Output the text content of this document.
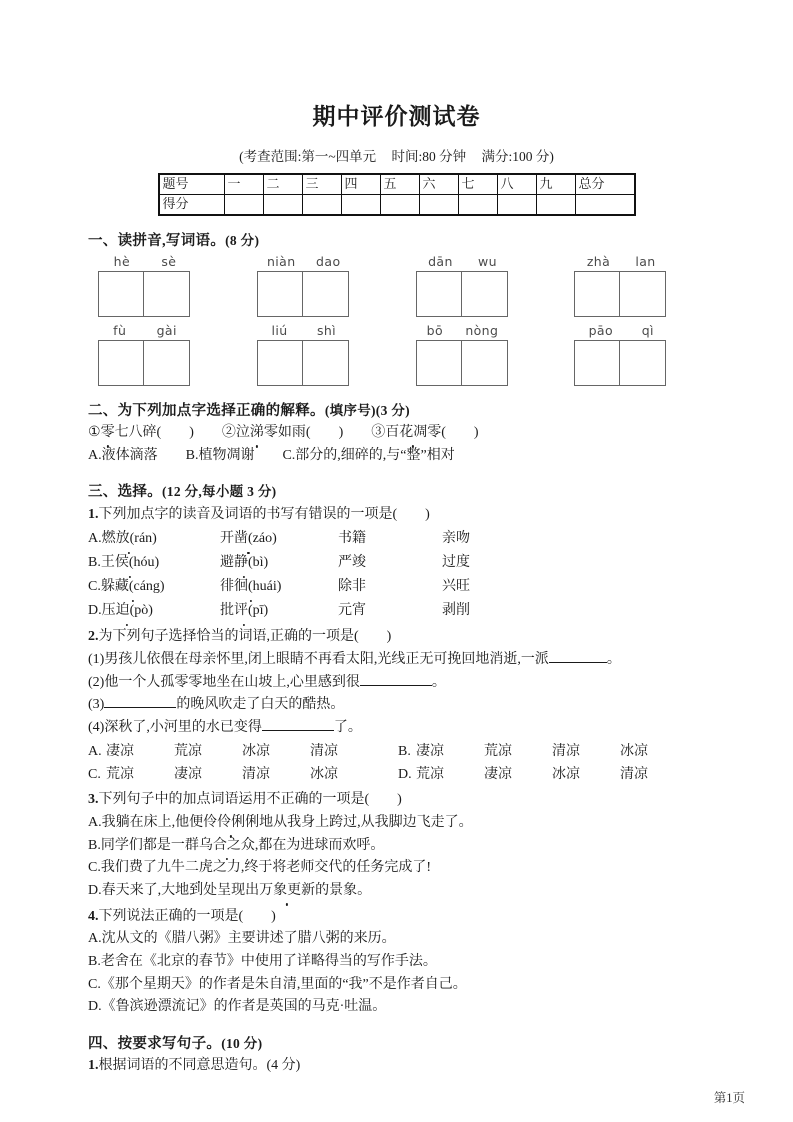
期中评价测试卷
(考查范围:第一~四单元 时间:80 分钟 满分:100 分)
题号	一	二	三	四	五	六	七	八	九	总分
得分										
一、读拼音,写词语。(8 分)
hè	sè	niàn dao	dān wu	zhà lan
fù gài	liú shì	bō nòng	pāo qì
二、为下列加点字选择正确的解释。(填序号)(3 分)
①零七八碎(　　 )　　 ②泣涕零如雨(　　 )　　 ③百花凋零(　　 )
A.液体滴落　　B.植物凋谢　　C.部分的,细碎的,与“整”相对
三、选择。(12 分,每小题 3 分)
1.下列加点字的读音及词语的书写有错误的一项是(　　)
A.燃放(rán)	开凿(záo)	书籍	亲吻
B.王侯(hóu)	避静(bì)	严竣	过度
C.躲藏(cáng)	徘徊(huái)	除非	兴旺
D.压迫(pò)	批评(pī)	元宵	剥削
2.为下列句子选择恰当的词语,正确的一项是(　　)
(1)男孩儿依偎在母亲怀里,闭上眼睛不再看太阳,光线正无可挽回地消逝,一派	。
(2)他一个人孤零零地坐在山坡上,心里感到很	。
(3)	的晚风吹走了白天的酷热。
(4)深秋了,小河里的水已变得	了。
A. 凄凉	荒凉	冰凉	清凉	B. 凄凉	荒凉	清凉	冰凉
C. 荒凉	凄凉	清凉	冰凉	D. 荒凉	凄凉	冰凉	清凉
3.下列句子中的加点词语运用不正确的一项是(　　)
A.我躺在床上,他便伶伶俐俐地从我身上跨过,从我脚边飞走了。
B.同学们都是一群乌合之众,都在为进球而欢呼。
C.我们费了九牛二虎之力,终于将老师交代的任务完成了!
D.春天来了,大地到处呈现出万象更新的景象。
4.下列说法正确的一项是(　　)
A.沈从文的《腊八粥》主要讲述了腊八粥的来历。
B.老舍在《北京的春节》中使用了详略得当的写作手法。
C.《那个星期天》的作者是朱自清,里面的“我”不是作者自己。
D.《鲁滨逊漂流记》的作者是英国的马克·吐温。
四、按要求写句子。(10 分)
1.根据词语的不同意思造句。(4 分)
第1页
